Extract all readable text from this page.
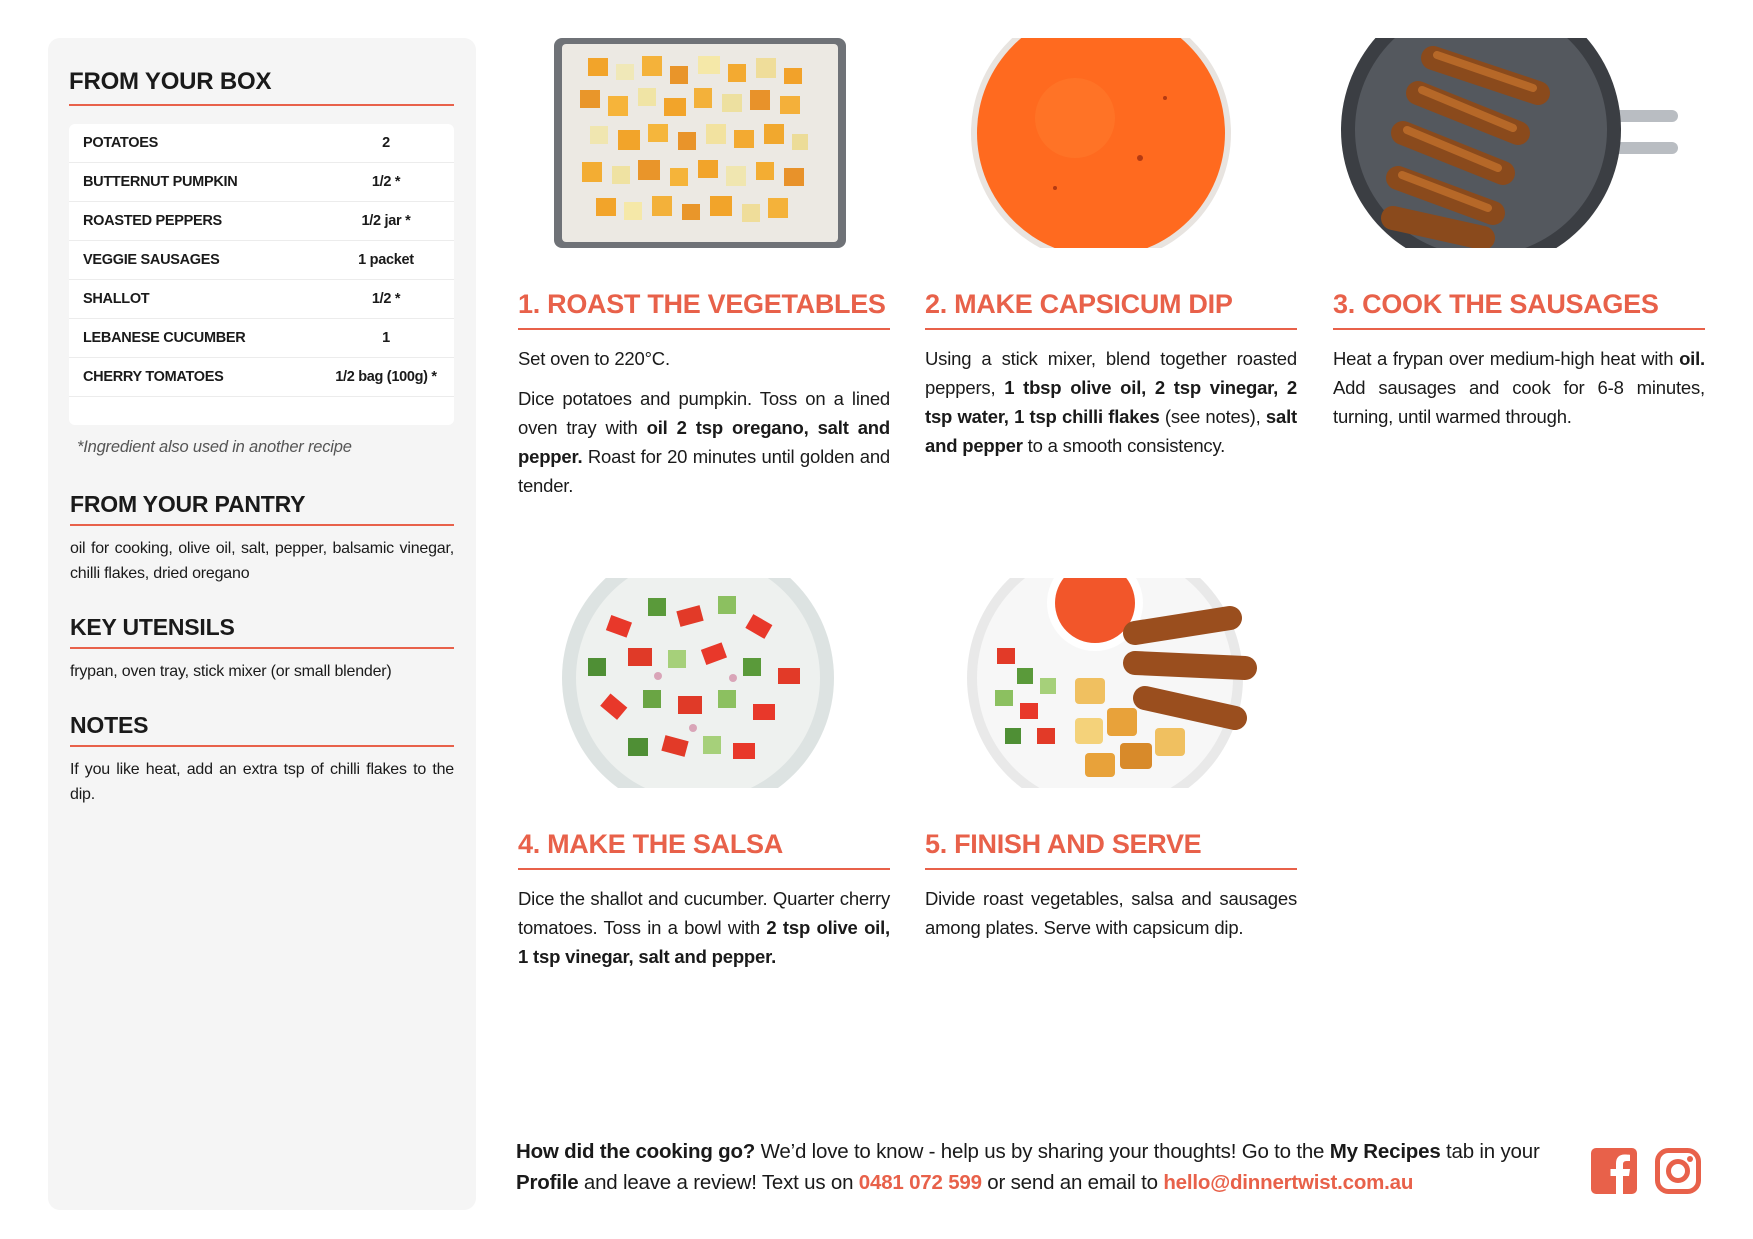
FROM YOUR BOX
POTATOES	2
BUTTERNUT PUMPKIN	1/2 *
ROASTED PEPPERS	1/2 jar *
VEGGIE SAUSAGES	1 packet
SHALLOT	1/2 *
LEBANESE CUCUMBER	1
CHERRY TOMATOES	1/2 bag (100g) *
*Ingredient also used in another recipe
FROM YOUR PANTRY
oil for cooking, olive oil, salt, pepper, balsamic vinegar, chilli flakes, dried oregano
KEY UTENSILS
frypan, oven tray, stick mixer (or small blender)
NOTES
If you like heat, add an extra tsp of chilli flakes to the dip.
1. ROAST THE VEGETABLES

Set oven to 220°C.

Dice potatoes and pumpkin. Toss on a lined oven tray with oil 2 tsp oregano, salt and pepper. Roast for 20 minutes until golden and tender.

2. MAKE CAPSICUM DIP

Using a stick mixer, blend together roasted peppers, 1 tbsp olive oil, 2 tsp vinegar, 2 tsp water, 1 tsp chilli flakes (see notes), salt and pepper to a smooth consistency.

3. COOK THE SAUSAGES

Heat a frypan over medium-high heat with oil. Add sausages and cook for 6-8 minutes, turning, until warmed through.

4. MAKE THE SALSA

Dice the shallot and cucumber. Quarter cherry tomatoes. Toss in a bowl with 2 tsp olive oil, 1 tsp vinegar, salt and pepper.

5. FINISH AND SERVE

Divide roast vegetables, salsa and sausages among plates. Serve with capsicum dip.

How did the cooking go? We’d love to know - help us by sharing your thoughts! Go to the My Recipes tab in your Profile and leave a review! Text us on 0481 072 599 or send an email to hello@dinnertwist.com.au
